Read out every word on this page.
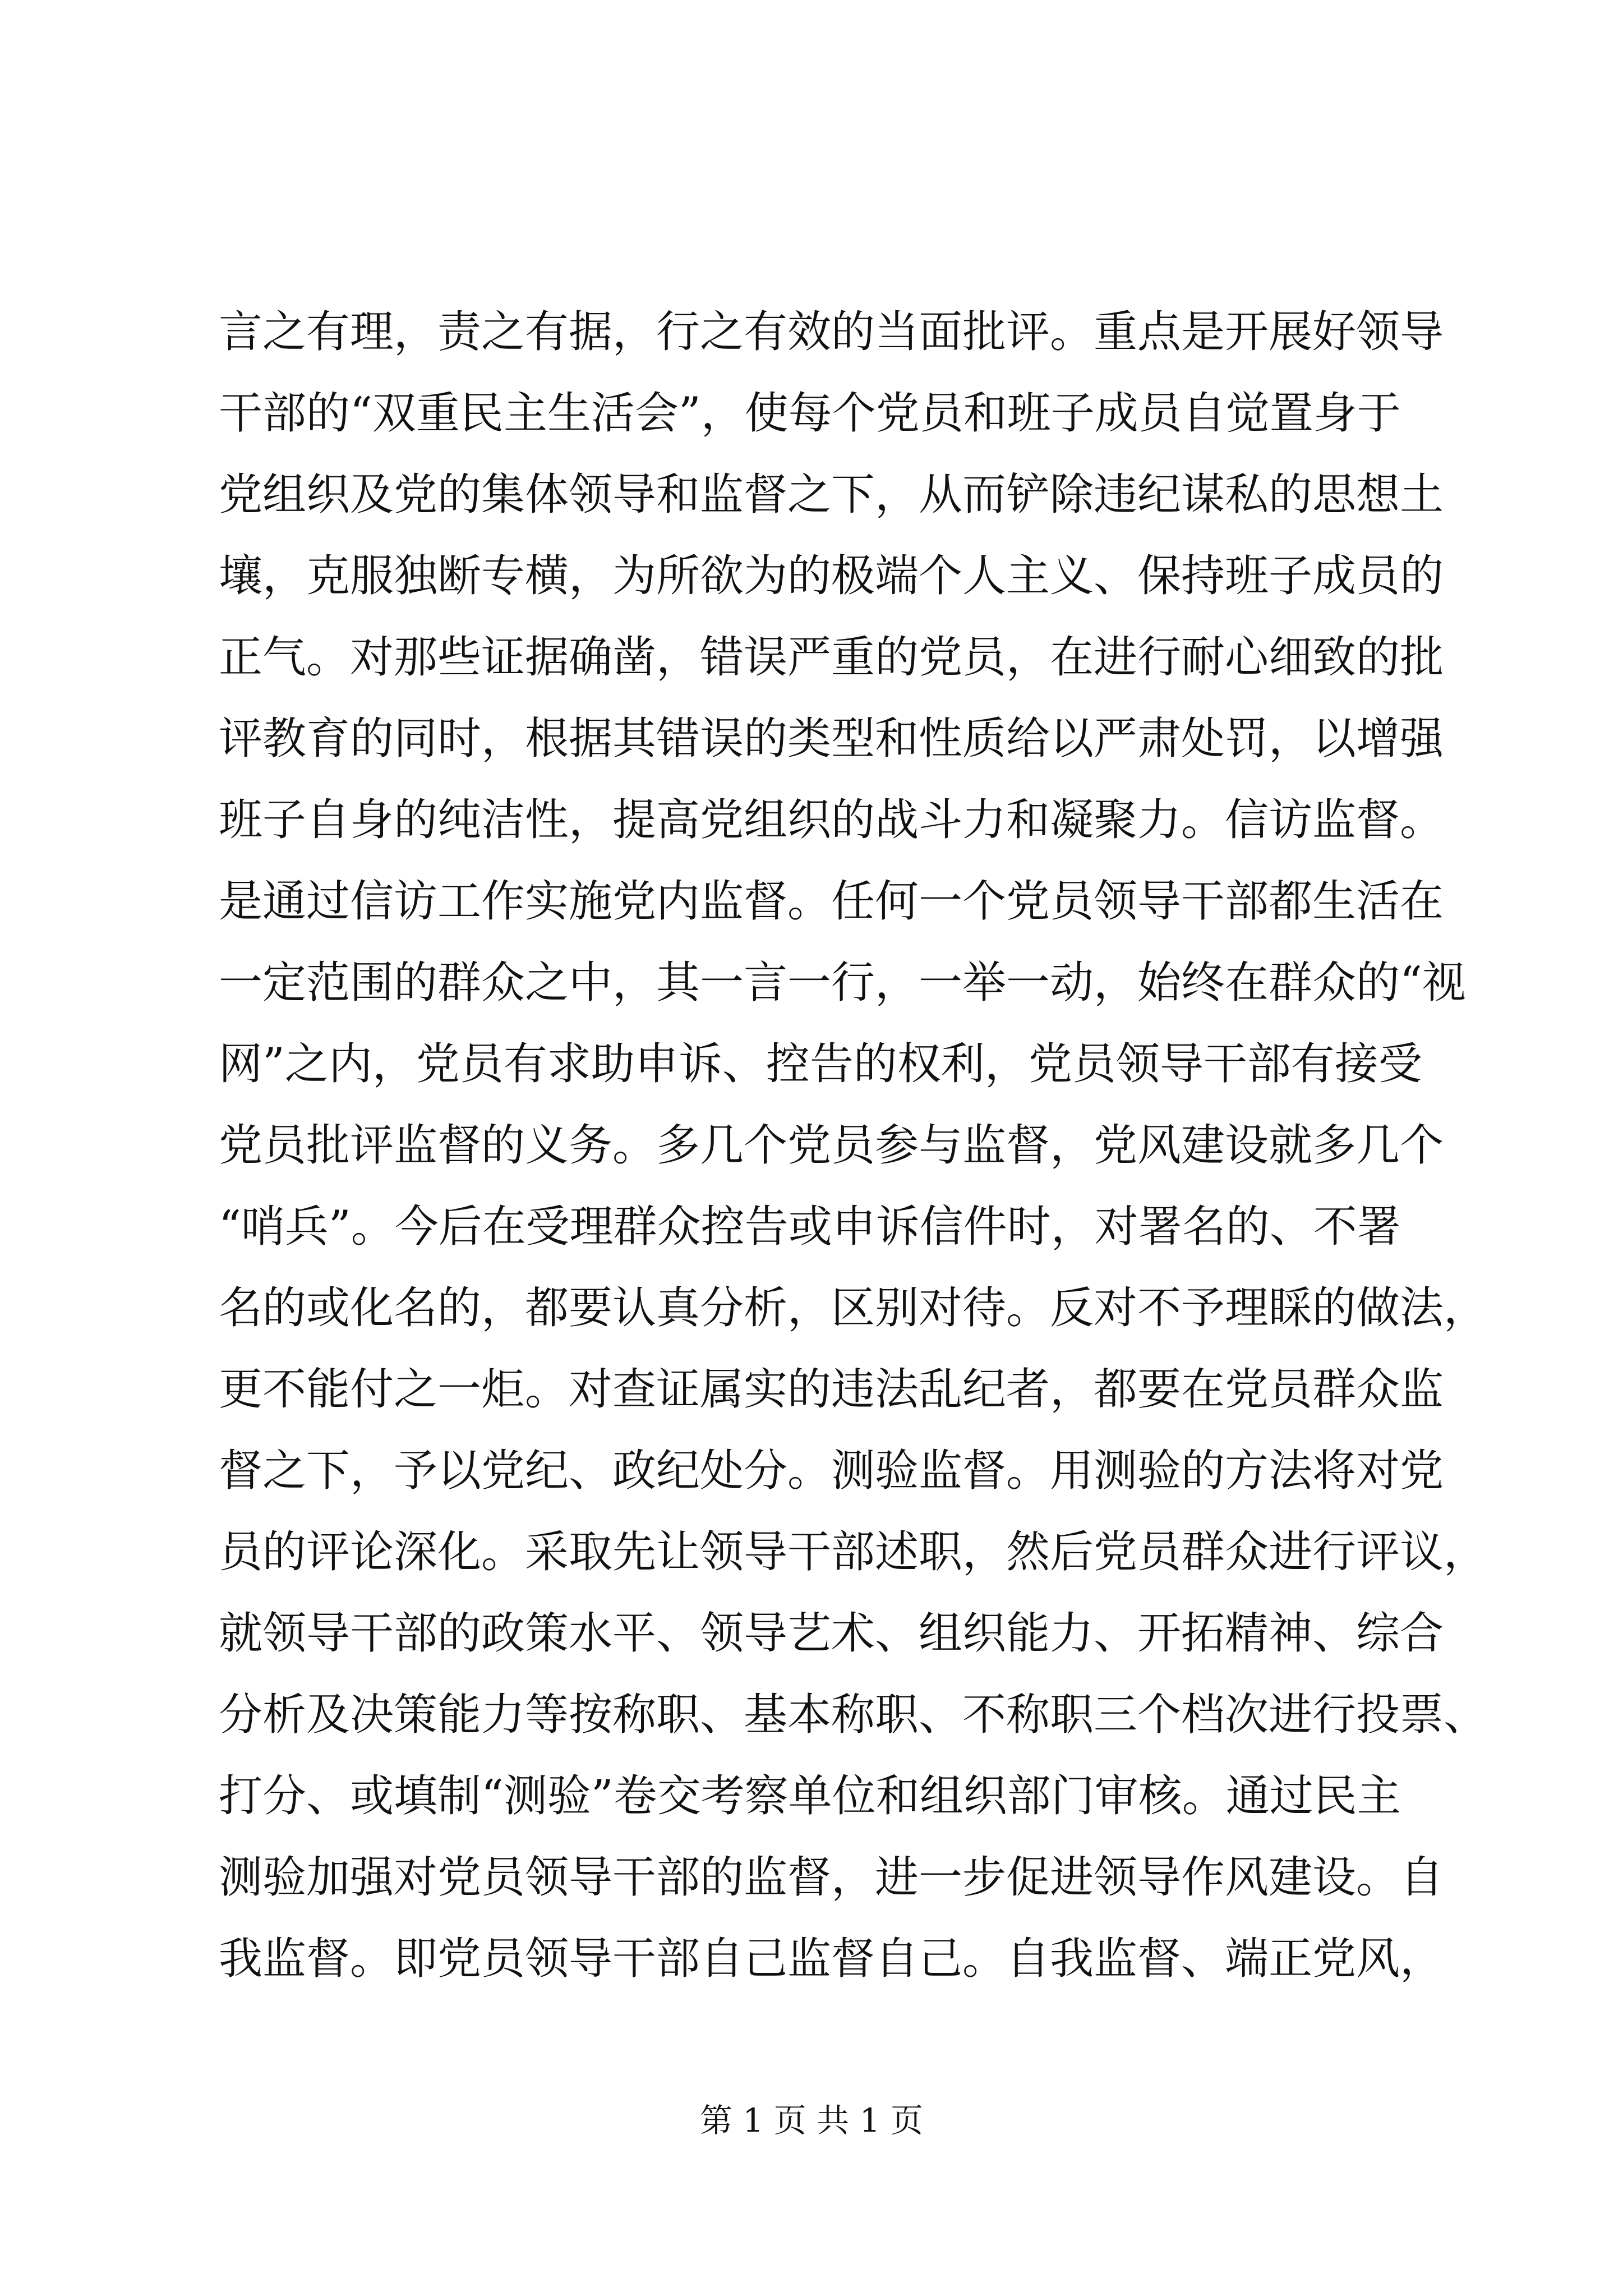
言之有理，责之有据，行之有效的当面批评。重点是开展好领导
干部的“双重民主生活会”，使每个党员和班子成员自觉置身于
党组织及党的集体领导和监督之下，从而铲除违纪谋私的思想土
壤，克服独断专横，为所欲为的极端个人主义、保持班子成员的
正气。对那些证据确凿，错误严重的党员，在进行耐心细致的批
评教育的同时，根据其错误的类型和性质给以严肃处罚，以增强
班子自身的纯洁性，提高党组织的战斗力和凝聚力。信访监督。
是通过信访工作实施党内监督。任何一个党员领导干部都生活在
一定范围的群众之中，其一言一行，一举一动，始终在群众的“视
网”之内，党员有求助申诉、控告的权利，党员领导干部有接受
党员批评监督的义务。多几个党员参与监督，党风建设就多几个
“哨兵”。今后在受理群众控告或申诉信件时，对署名的、不署
名的或化名的，都要认真分析，区别对待。反对不予理睬的做法，
更不能付之一炬。对查证属实的违法乱纪者，都要在党员群众监
督之下，予以党纪、政纪处分。测验监督。用测验的方法将对党
员的评论深化。采取先让领导干部述职，然后党员群众进行评议，
就领导干部的政策水平、领导艺术、组织能力、开拓精神、综合
分析及决策能力等按称职、基本称职、不称职三个档次进行投票、
打分、或填制“测验”卷交考察单位和组织部门审核。通过民主
测验加强对党员领导干部的监督，进一步促进领导作风建设。自
我监督。即党员领导干部自己监督自己。自我监督、端正党风，
第 1 页 共 1 页
